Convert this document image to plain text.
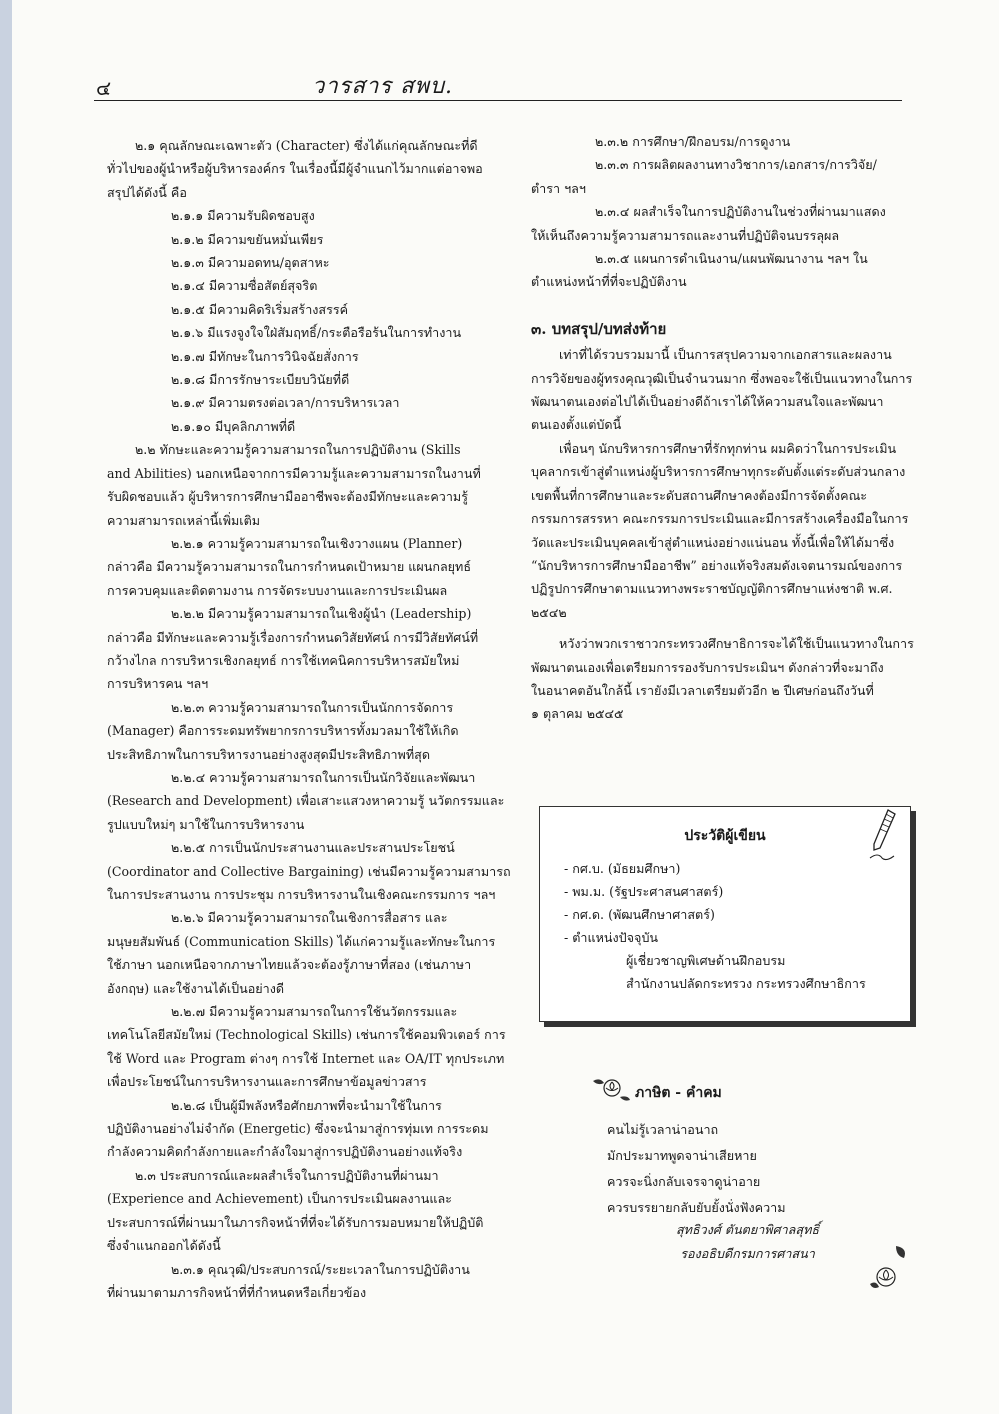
๔	วารสาร สพบ.
๒.๑ คุณลักษณะเฉพาะตัว (Character) ซึ่งได้แก่คุณลักษณะที่ดี
ทั่วไปของผู้นำหรือผู้บริหารองค์กร ในเรื่องนี้มีผู้จำแนกไว้มากแต่อาจพอ
สรุปได้ดังนี้ คือ
๒.๑.๑ มีความรับผิดชอบสูง
๒.๑.๒ มีความขยันหมั่นเพียร
๒.๑.๓ มีความอดทน/อุตสาหะ
๒.๑.๔ มีความซื่อสัตย์สุจริต
๒.๑.๕ มีความคิดริเริ่มสร้างสรรค์
๒.๑.๖ มีแรงจูงใจใฝ่สัมฤทธิ์/กระตือรือร้นในการทำงาน
๒.๑.๗ มีทักษะในการวินิจฉัยสั่งการ
๒.๑.๘ มีการรักษาระเบียบวินัยที่ดี
๒.๑.๙ มีความตรงต่อเวลา/การบริหารเวลา
๒.๑.๑๐ มีบุคลิกภาพที่ดี
๒.๒ ทักษะและความรู้ความสามารถในการปฏิบัติงาน (Skills
and Abilities) นอกเหนือจากการมีความรู้และความสามารถในงานที่
รับผิดชอบแล้ว ผู้บริหารการศึกษามืออาชีพจะต้องมีทักษะและความรู้
ความสามารถเหล่านี้เพิ่มเติม
๒.๒.๑ ความรู้ความสามารถในเชิงวางแผน (Planner)
กล่าวคือ มีความรู้ความสามารถในการกำหนดเป้าหมาย แผนกลยุทธ์
การควบคุมและติดตามงาน การจัดระบบงานและการประเมินผล
๒.๒.๒ มีความรู้ความสามารถในเชิงผู้นำ (Leadership)
กล่าวคือ มีทักษะและความรู้เรื่องการกำหนดวิสัยทัศน์ การมีวิสัยทัศน์ที่
กว้างไกล การบริหารเชิงกลยุทธ์ การใช้เทคนิคการบริหารสมัยใหม่
การบริหารคน ฯลฯ
๒.๒.๓ ความรู้ความสามารถในการเป็นนักการจัดการ
(Manager) คือการระดมทรัพยากรการบริหารทั้งมวลมาใช้ให้เกิด
ประสิทธิภาพในการบริหารงานอย่างสูงสุดมีประสิทธิภาพที่สุด
๒.๒.๔ ความรู้ความสามารถในการเป็นนักวิจัยและพัฒนา
(Research and Development) เพื่อเสาะแสวงหาความรู้ นวัตกรรมและ
รูปแบบใหม่ๆ มาใช้ในการบริหารงาน
๒.๒.๕ การเป็นนักประสานงานและประสานประโยชน์
(Coordinator and Collective Bargaining) เช่นมีความรู้ความสามารถ
ในการประสานงาน การประชุม การบริหารงานในเชิงคณะกรรมการ ฯลฯ
๒.๒.๖ มีความรู้ความสามารถในเชิงการสื่อสาร และ
มนุษยสัมพันธ์ (Communication Skills) ได้แก่ความรู้และทักษะในการ
ใช้ภาษา นอกเหนือจากภาษาไทยแล้วจะต้องรู้ภาษาที่สอง (เช่นภาษา
อังกฤษ) และใช้งานได้เป็นอย่างดี
๒.๒.๗ มีความรู้ความสามารถในการใช้นวัตกรรมและ
เทคโนโลยีสมัยใหม่ (Technological Skills) เช่นการใช้คอมพิวเตอร์ การ
ใช้ Word และ Program ต่างๆ การใช้ Internet และ OA/IT ทุกประเภท
เพื่อประโยชน์ในการบริหารงานและการศึกษาข้อมูลข่าวสาร
๒.๒.๘ เป็นผู้มีพลังหรือศักยภาพที่จะนำมาใช้ในการ
ปฏิบัติงานอย่างไม่จำกัด (Energetic) ซึ่งจะนำมาสู่การทุ่มเท การระดม
กำลังความคิดกำลังกายและกำลังใจมาสู่การปฏิบัติงานอย่างแท้จริง
๒.๓ ประสบการณ์และผลสำเร็จในการปฏิบัติงานที่ผ่านมา
(Experience and Achievement) เป็นการประเมินผลงานและ
ประสบการณ์ที่ผ่านมาในภารกิจหน้าที่ที่จะได้รับการมอบหมายให้ปฏิบัติ
ซึ่งจำแนกออกได้ดังนี้
๒.๓.๑ คุณวุฒิ/ประสบการณ์/ระยะเวลาในการปฏิบัติงาน
ที่ผ่านมาตามภารกิจหน้าที่ที่กำหนดหรือเกี่ยวข้อง
๒.๓.๒ การศึกษา/ฝึกอบรม/การดูงาน
๒.๓.๓ การผลิตผลงานทางวิชาการ/เอกสาร/การวิจัย/
ตำรา ฯลฯ
๒.๓.๔ ผลสำเร็จในการปฏิบัติงานในช่วงที่ผ่านมาแสดง
ให้เห็นถึงความรู้ความสามารถและงานที่ปฏิบัติจนบรรลุผล
๒.๓.๕ แผนการดำเนินงาน/แผนพัฒนางาน ฯลฯ ใน
ตำแหน่งหน้าที่ที่จะปฏิบัติงาน
๓. บทสรุป/บทส่งท้าย
เท่าที่ได้รวบรวมมานี้ เป็นการสรุปความจากเอกสารและผลงาน
การวิจัยของผู้ทรงคุณวุฒิเป็นจำนวนมาก ซึ่งพอจะใช้เป็นแนวทางในการ
พัฒนาตนเองต่อไปได้เป็นอย่างดีถ้าเราได้ให้ความสนใจและพัฒนา
ตนเองตั้งแต่บัดนี้
เพื่อนๆ นักบริหารการศึกษาที่รักทุกท่าน ผมคิดว่าในการประเมิน
บุคลากรเข้าสู่ตำแหน่งผู้บริหารการศึกษาทุกระดับตั้งแต่ระดับส่วนกลาง
เขตพื้นที่การศึกษาและระดับสถานศึกษาคงต้องมีการจัดตั้งคณะ
กรรมการสรรหา คณะกรรมการประเมินและมีการสร้างเครื่องมือในการ
วัดและประเมินบุคคลเข้าสู่ตำแหน่งอย่างแน่นอน ทั้งนี้เพื่อให้ได้มาซึ่ง
“นักบริหารการศึกษามืออาชีพ” อย่างแท้จริงสมดังเจตนารมณ์ของการ
ปฏิรูปการศึกษาตามแนวทางพระราชบัญญัติการศึกษาแห่งชาติ พ.ศ.
๒๕๔๒
หวังว่าพวกเราชาวกระทรวงศึกษาธิการจะได้ใช้เป็นแนวทางในการ
พัฒนาตนเองเพื่อเตรียมการรองรับการประเมินฯ ดังกล่าวที่จะมาถึง
ในอนาคตอันใกล้นี้ เรายังมีเวลาเตรียมตัวอีก ๒ ปีเศษก่อนถึงวันที่
๑ ตุลาคม ๒๕๔๕
ประวัติผู้เขียน
- กศ.บ. (มัธยมศึกษา)
- พม.ม. (รัฐประศาสนศาสตร์)
- กศ.ด. (พัฒนศึกษาศาสตร์)
- ตำแหน่งปัจจุบัน
ผู้เชี่ยวชาญพิเศษด้านฝึกอบรม
สำนักงานปลัดกระทรวง กระทรวงศึกษาธิการ
ภาษิต - คำคม
คนไม่รู้เวลาน่าอนาถ
มักประมาทพูดจาน่าเสียหาย
ควรจะนิ่งกลับเจรจาดูน่าอาย
ควรบรรยายกลับยับยั้งนั่งฟังความ
สุทธิวงศ์ ตันตยาพิศาลสุทธิ์
รองอธิบดีกรมการศาสนา
